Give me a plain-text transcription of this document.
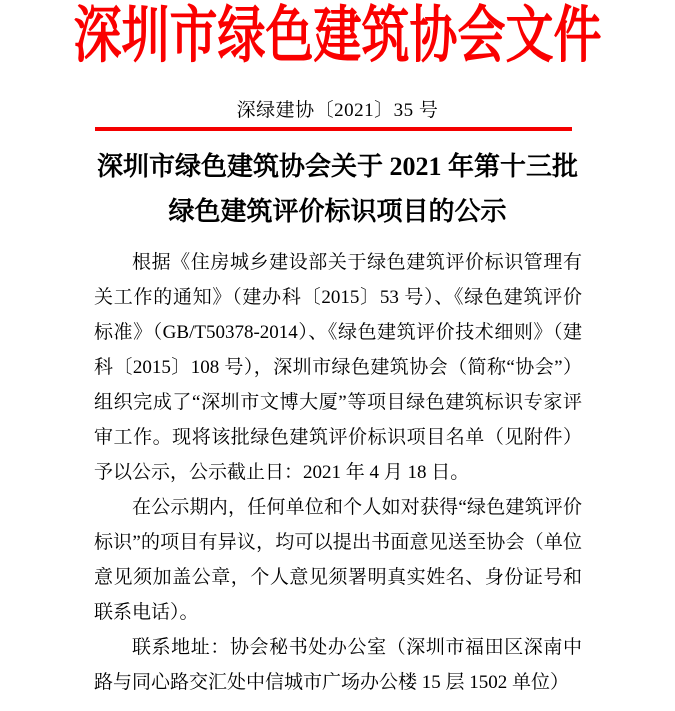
深圳市绿色建筑协会文件
深绿建协〔2021〕35 号
深圳市绿色建筑协会关于 2021 年第十三批
绿色建筑评价标识项目的公示

根据《住房城乡建设部关于绿色建筑评价标识管理有关工作的通知》（建办科〔2015〕53 号）、《绿色建筑评价标准》（GB/T50378-2014）、《绿色建筑评价技术细则》（建科〔2015〕108 号），深圳市绿色建筑协会（简称“协会”）组织完成了“深圳市文博大厦”等项目绿色建筑标识专家评审工作。现将该批绿色建筑评价标识项目名单（见附件）予以公示，公示截止日：2021 年 4 月 18 日。

在公示期内，任何单位和个人如对获得“绿色建筑评价标识”的项目有异议，均可以提出书面意见送至协会（单位意见须加盖公章，个人意见须署明真实姓名、身份证号和联系电话）。

联系地址：协会秘书处办公室（深圳市福田区深南中路与同心路交汇处中信城市广场办公楼 15 层 1502 单位）
